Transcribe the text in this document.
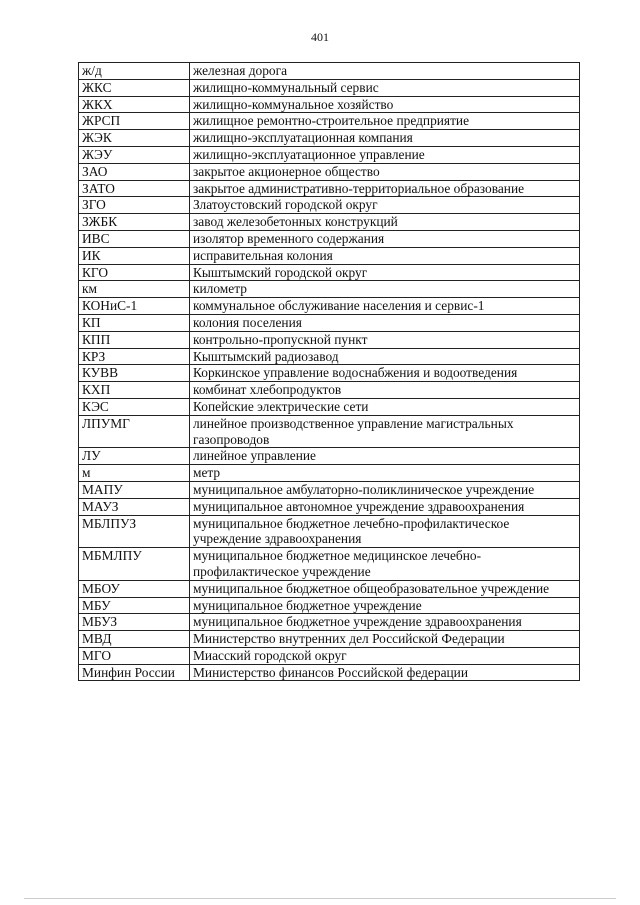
401
ж/д	железная дорога
ЖКС	жилищно-коммунальный сервис
ЖКХ	жилищно-коммунальное хозяйство
ЖРСП	жилищное ремонтно-строительное предприятие
ЖЭК	жилищно-эксплуатационная компания
ЖЭУ	жилищно-эксплуатационное управление
ЗАО	закрытое акционерное общество
ЗАТО	закрытое административно-территориальное образование
ЗГО	Златоустовский городской округ
ЗЖБК	завод железобетонных конструкций
ИВС	изолятор временного содержания
ИК	исправительная колония
КГО	Кыштымский городской округ
км	километр
КОНиС-1	коммунальное обслуживание населения и сервис-1
КП	колония поселения
КПП	контрольно-пропускной пункт
КРЗ	Кыштымский радиозавод
КУВВ	Коркинское управление водоснабжения и водоотведения
КХП	комбинат хлебопродуктов
КЭС	Копейские электрические сети
ЛПУМГ	линейное производственное управление магистральных газопроводов
ЛУ	линейное управление
м	метр
МАПУ	муниципальное амбулаторно-поликлиническое учреждение
МАУЗ	муниципальное автономное учреждение здравоохранения
МБЛПУЗ	муниципальное бюджетное лечебно-профилактическое учреждение здравоохранения
МБМЛПУ	муниципальное бюджетное медицинское лечебно-профилактическое учреждение
МБОУ	муниципальное бюджетное общеобразовательное учреждение
МБУ	муниципальное бюджетное учреждение
МБУЗ	муниципальное бюджетное учреждение здравоохранения
МВД	Министерство внутренних дел Российской Федерации
МГО	Миасский городской округ
Минфин России	Министерство финансов Российской федерации
